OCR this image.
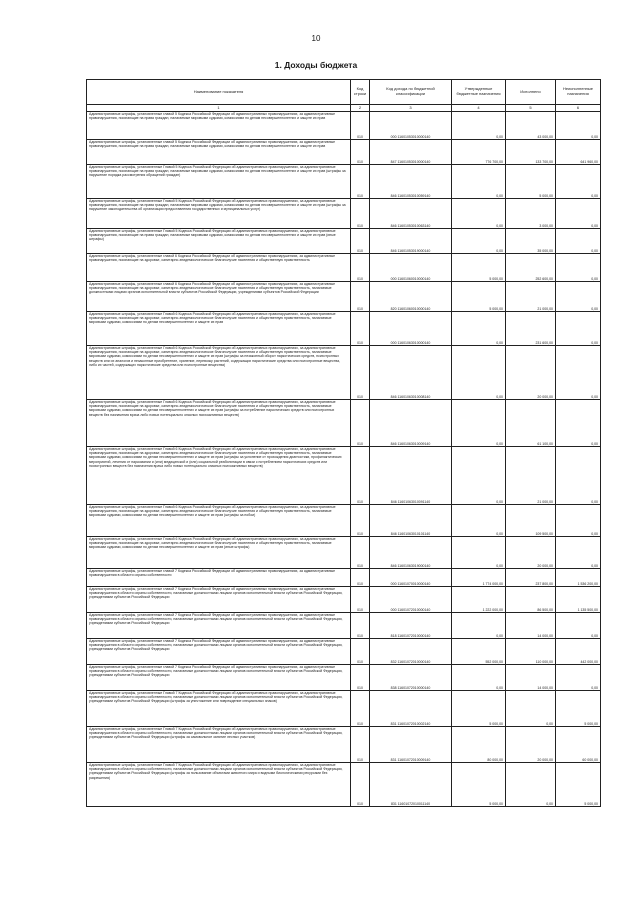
10
1. Доходы бюджета
Наименование показателя	Код строки	Код дохода по бюджетной классификации	Утвержденные бюджетные назначения	Исполнено	Неисполненные назначения
1	2	3	4	5	6
Административные штрафы, установленные главой 5 Кодекса Российской Федерации об административных правонарушениях, за административные правонарушения, посягающие на права граждан, налагаемые мировыми судьями, комиссиями по делам несовершеннолетних и защите их прав	010	000 11601053010000140	0,00	43 000,00	0,00
Административные штрафы, установленные главой 5 Кодекса Российской Федерации об административных правонарушениях, за административные правонарушения, посягающие на права граждан, налагаемые мировыми судьями, комиссиями по делам несовершеннолетних и защите их прав	010	847 11601053010000140	776 700,00	133 700,00	641 960,00
Административные штрафы, установленные Главой 5 Кодекса Российской Федерации об административных правонарушениях, за административные правонарушения, посягающие на права граждан, налагаемые мировыми судьями, комиссиями по делам несовершеннолетних и защите их прав (штрафы за нарушение порядка рассмотрения обращений граждан)	010	846 11601053010059140	0,00	5 000,00	0,00
Административные штрафы, установленные Главой 5 Кодекса Российской Федерации об административных правонарушениях, за административные правонарушения, посягающие на права граждан, налагаемые мировыми судьями, комиссиями по делам несовершеннолетних и защите их прав (штрафы за нарушение законодательства об организации предоставления государственных и муниципальных услуг)	010	846 11601053010063140	0,00	3 000,00	0,00
Административные штрафы, установленные Главой 5 Кодекса Российской Федерации об административных правонарушениях, за административные правонарушения, посягающие на права граждан, налагаемые мировыми судьями, комиссиями по делам несовершеннолетних и защите их прав (иные штрафы)	010	846 11601053019000140	0,00	35 000,00	0,00
Административные штрафы, установленные главой 6 Кодекса Российской Федерации об административных правонарушениях, за административные правонарушения, посягающие на здоровье, санитарно-эпидемиологическое благополучие населения и общественную нравственность	010	000 11601060010000140	5 000,00	252 600,00	0,00
Административные штрафы, установленные главой 6 Кодекса Российской Федерации об административных правонарушениях, за административные правонарушения, посягающие на здоровье, санитарно-эпидемиологическое благополучие населения и общественную нравственность, налагаемые должностными лицами органов исполнительной власти субъектов Российской Федерации, учреждениями субъектов Российской Федерации	010	820 11601060010000140	5 000,00	21 000,00	0,00
Административные штрафы, установленные Главой 6 Кодекса Российской Федерации об административных правонарушениях, за административные правонарушения, посягающие на здоровье, санитарно-эпидемиологическое благополучие населения и общественную нравственность, налагаемые мировыми судьями, комиссиями по делам несовершеннолетних и защите их прав	010	000 11601063010000140	0,00	231 600,00	0,00
Административные штрафы, установленные Главой 6 Кодекса Российской Федерации об административных правонарушениях, за административные правонарушения, посягающие на здоровье, санитарно-эпидемиологическое благополучие населения и общественную нравственность, налагаемые мировыми судьями, комиссиями по делам несовершеннолетних и защите их прав (штрафы за незаконный оборот наркотических средств, психотропных веществ или их аналогов и незаконные приобретение, хранение, перевозку растений, содержащих наркотические средства или психотропные вещества, либо их частей, содержащих наркотические средства или психотропные вещества)	010	846 11601063010008140	0,00	20 000,00	0,00
Административные штрафы, установленные Главой 6 Кодекса Российской Федерации об административных правонарушениях, за административные правонарушения, посягающие на здоровье, санитарно-эпидемиологическое благополучие населения и общественную нравственность, налагаемые мировыми судьями, комиссиями по делам несовершеннолетних и защите их прав (штрафы за потребление наркотических средств или психотропных веществ без назначения врача либо новых потенциально опасных психоактивных веществ)	010	846 11601063010009140	0,00	61 100,00	0,00
Административные штрафы, установленные Главой 6 Кодекса Российской Федерации об административных правонарушениях, за административные правонарушения, посягающие на здоровье, санитарно-эпидемиологическое благополучие населения и общественную нравственность, налагаемые мировыми судьями, комиссиями по делам несовершеннолетних и защите их прав (штрафы за уклонение от прохождения диагностики, профилактических мероприятий, лечения от наркомании и (или) медицинской и (или) социальной реабилитации в связи с потреблением наркотических средств или психотропных веществ без назначения врача либо новых потенциально опасных психоактивных веществ)	010	846 11601063010091140	0,00	21 000,00	0,00
Административные штрафы, установленные Главой 6 Кодекса Российской Федерации об административных правонарушениях, за административные правонарушения, посягающие на здоровье, санитарно-эпидемиологическое благополучие населения и общественную нравственность, налагаемые мировыми судьями, комиссиями по делам несовершеннолетних и защите их прав (штрафы за побои)	010	846 11601063010101140	0,00	109 500,00	0,00
Административные штрафы, установленные Главой 6 Кодекса Российской Федерации об административных правонарушениях, за административные правонарушения, посягающие на здоровье, санитарно-эпидемиологическое благополучие населения и общественную нравственность, налагаемые мировыми судьями, комиссиями по делам несовершеннолетних и защите их прав (иные штрафы)	010	846 11601063019000140	0,00	20 000,00	0,00
Административные штрафы, установленные главой 7 Кодекса Российской Федерации об административных правонарушениях, за административные правонарушения в области охраны собственности	010	000 11601070010000140	1 774 000,00	237 800,00	1 536 200,00
Административные штрафы, установленные главой 7 Кодекса Российской Федерации об административных правонарушениях, за административные правонарушения в области охраны собственности, налагаемые должностными лицами органов исполнительной власти субъектов Российской Федерации, учреждениями субъектов Российской Федерации	010	000 11601072010000140	1 222 000,00	86 500,00	1 135 500,00
Административные штрафы, установленные главой 7 Кодекса Российской Федерации об административных правонарушениях, за административные правонарушения в области охраны собственности, налагаемые должностными лицами органов исполнительной власти субъектов Российской Федерации, учреждениями субъектов Российской Федерации	010	818 11601072010000140	0,00	14 000,00	0,00
Административные штрафы, установленные главой 7 Кодекса Российской Федерации об административных правонарушениях, за административные правонарушения в области охраны собственности, налагаемые должностными лицами органов исполнительной власти субъектов Российской Федерации, учреждениями субъектов Российской Федерации	010	832 11601072010000140	552 000,00	110 000,00	442 000,00
Административные штрафы, установленные главой 7 Кодекса Российской Федерации об административных правонарушениях, за административные правонарушения в области охраны собственности, налагаемые должностными лицами органов исполнительной власти субъектов Российской Федерации, учреждениями субъектов Российской Федерации	010	838 11601072010000140	0,00	14 000,00	0,00
Административные штрафы, установленные Главой 7 Кодекса Российской Федерации об административных правонарушениях, за административные правонарушения в области охраны собственности, налагаемые должностными лицами органов исполнительной власти субъектов Российской Федерации, учреждениями субъектов Российской Федерации (штрафы за уничтожение или повреждение специальных знаков)	010	831 11601072010002140	5 000,00	0,00	5 000,00
Административные штрафы, установленные Главой 7 Кодекса Российской Федерации об административных правонарушениях, за административные правонарушения в области охраны собственности, налагаемые должностными лицами органов исполнительной власти субъектов Российской Федерации, учреждениями субъектов Российской Федерации (штрафы за самовольное занятие лесных участков)	010	831 11601072010009140	80 000,00	20 000,00	60 000,00
Административные штрафы, установленные Главой 7 Кодекса Российской Федерации об административных правонарушениях, за административные правонарушения в области охраны собственности, налагаемые должностными лицами органов исполнительной власти субъектов Российской Федерации, учреждениями субъектов Российской Федерации (штрафы за пользование объектами животного мира и водными биологическими ресурсами без разрешения)	010	831 11601072010011140	5 000,00	0,00	5 000,00
